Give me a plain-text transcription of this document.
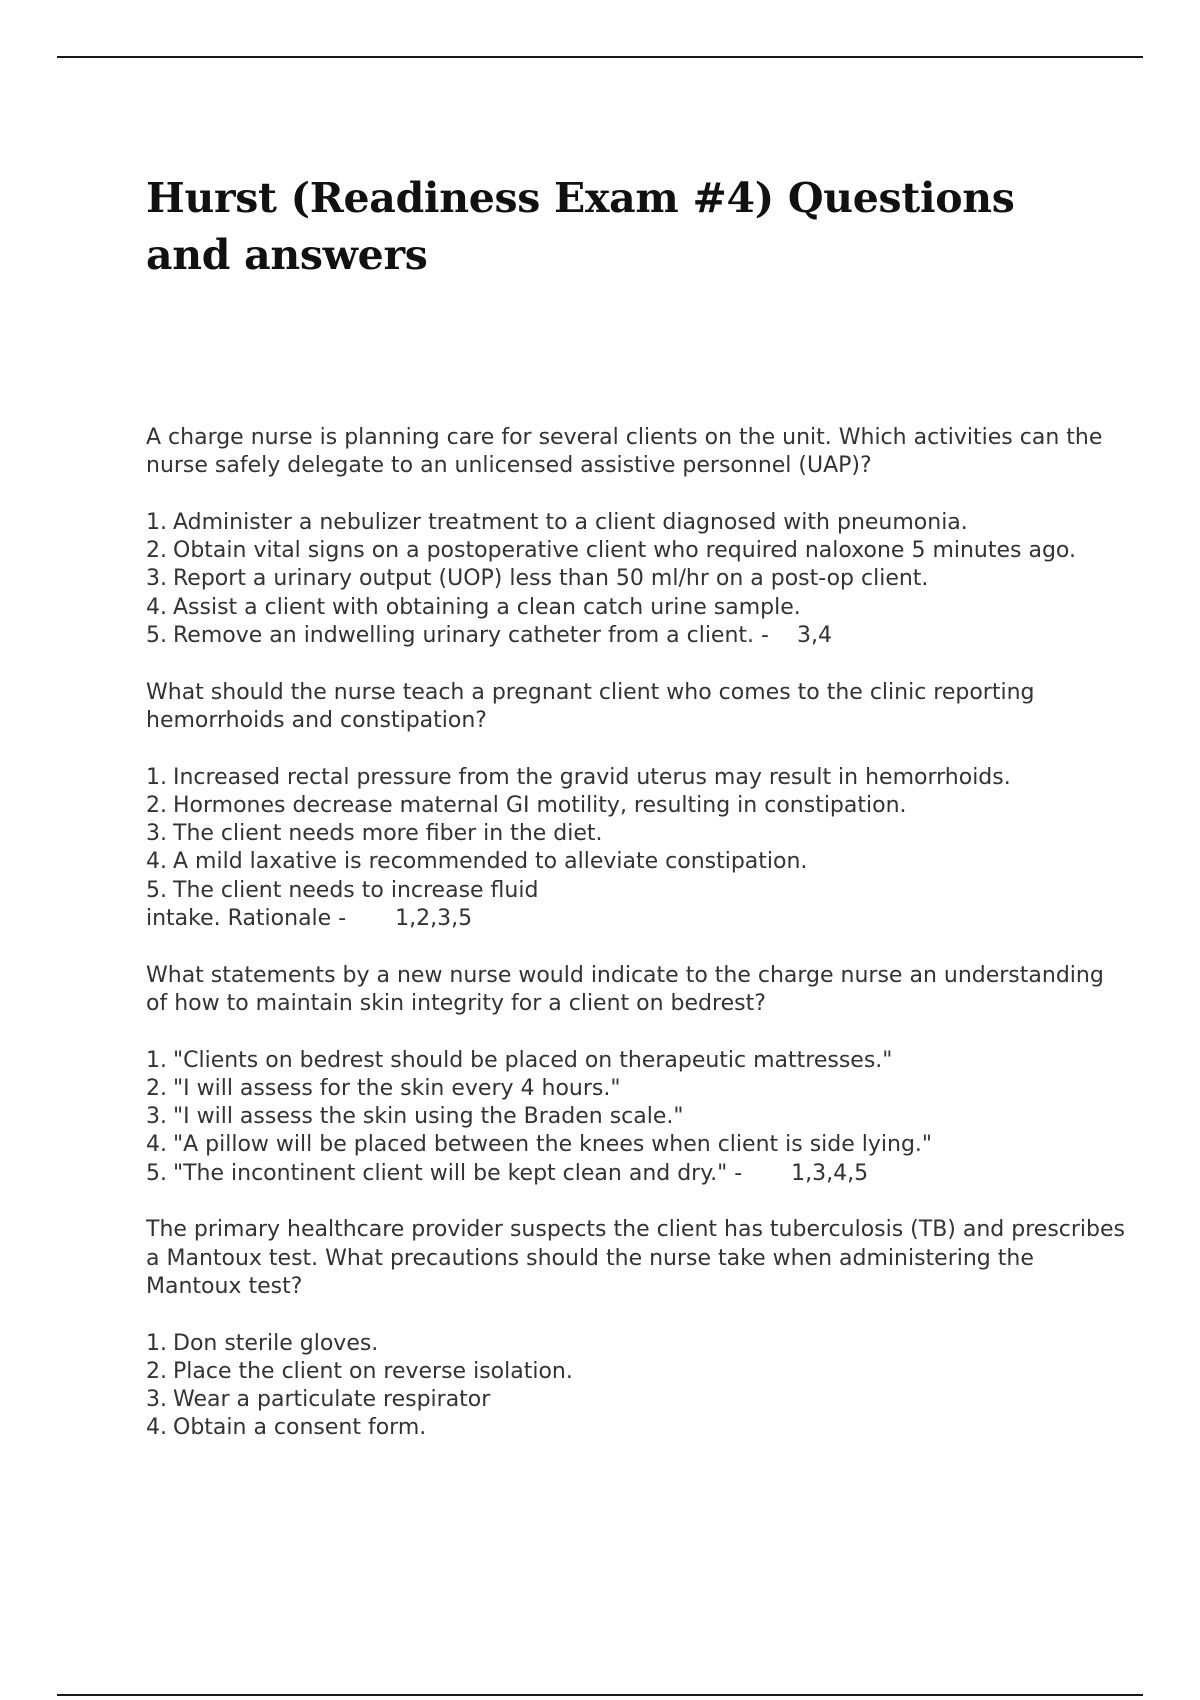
Hurst (Readiness Exam #4) Questions and answers

A charge nurse is planning care for several clients on the unit. Which activities can the nurse safely delegate to an unlicensed assistive personnel (UAP)?

1. Administer a nebulizer treatment to a client diagnosed with pneumonia.
2. Obtain vital signs on a postoperative client who required naloxone 5 minutes ago.
3. Report a urinary output (UOP) less than 50 ml/hr on a post-op client.
4. Assist a client with obtaining a clean catch urine sample.
5. Remove an indwelling urinary catheter from a client. - 3,4

What should the nurse teach a pregnant client who comes to the clinic reporting hemorrhoids and constipation?

1. Increased rectal pressure from the gravid uterus may result in hemorrhoids.
2. Hormones decrease maternal GI motility, resulting in constipation.
3. The client needs more fiber in the diet.
4. A mild laxative is recommended to alleviate constipation.
5. The client needs to increase fluid
intake. Rationale - 1,2,3,5

What statements by a new nurse would indicate to the charge nurse an understanding of how to maintain skin integrity for a client on bedrest?

1. "Clients on bedrest should be placed on therapeutic mattresses."
2. "I will assess for the skin every 4 hours."
3. "I will assess the skin using the Braden scale."
4. "A pillow will be placed between the knees when client is side lying."
5. "The incontinent client will be kept clean and dry." - 1,3,4,5

The primary healthcare provider suspects the client has tuberculosis (TB) and prescribes a Mantoux test. What precautions should the nurse take when administering the Mantoux test?

1. Don sterile gloves.
2. Place the client on reverse isolation.
3. Wear a particulate respirator
4. Obtain a consent form.
